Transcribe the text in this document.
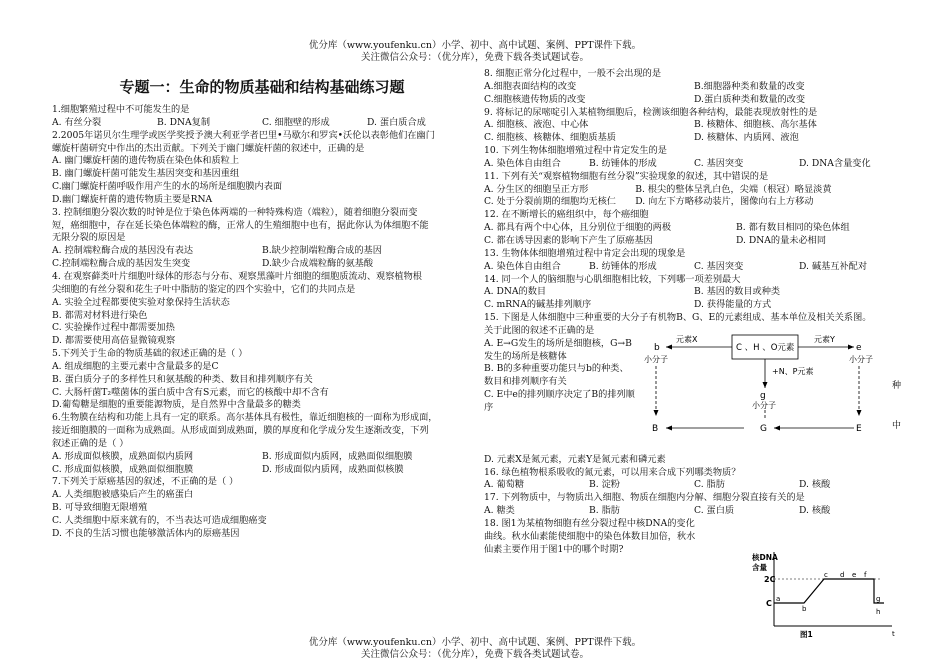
优分库（www.youfenku.cn）小学、初中、高中试题、案例、PPT课件下载。
关注微信公众号：（优分库），免费下载各类试题试卷。
专题一：生命的物质基础和结构基础练习题

1.细胞繁殖过程中不可能发生的是

A. 有丝分裂	B. DNA复制	C. 细胞壁的形成	D. 蛋白质合成

2.2005年诺贝尔生理学或医学奖授予澳大利亚学者巴里•马歇尔和罗宾•沃伦以表彰他们在幽门

螺旋杆菌研究中作出的杰出贡献。下列关于幽门螺旋杆菌的叙述中，正确的是

A. 幽门螺旋杆菌的遗传物质在染色体和质粒上

B. 幽门螺旋杆菌可能发生基因突变和基因重组

C.幽门螺旋杆菌呼吸作用产生的水的场所是细胞膜内表面

D.幽门螺旋杆菌的遗传物质主要是RNA

3. 控制细胞分裂次数的时钟是位于染色体两端的一种特殊构造（端粒），随着细胞分裂而变

短，癌细胞中，存在延长染色体端粒的酶，正常人的生殖细胞中也有，据此你认为体细胞不能

无限分裂的原因是

A. 控制端粒酶合成的基因没有表达	B.缺少控制端粒酶合成的基因

C.控制端粒酶合成的基因发生突变	D.缺少合成端粒酶的氨基酸

4. 在观察藓类叶片细胞叶绿体的形态与分布、观察黑藻叶片细胞的细胞质流动、观察植物根

尖细胞的有丝分裂和花生子叶中脂肪的鉴定的四个实验中，它们的共同点是

A. 实验全过程都要使实验对象保持生活状态

B. 都需对材料进行染色

C. 实验操作过程中都需要加热

D. 都需要使用高倍显微镜观察

5.下列关于生命的物质基础的叙述正确的是（ ）

A. 组成细胞的主要元素中含量最多的是C

B. 蛋白质分子的多样性只和氨基酸的种类、数目和排列顺序有关

C. 大肠杆菌T₂噬菌体的蛋白质中含有S元素，而它的核酸中却不含有

D.葡萄糖是细胞的重要能源物质，是自然界中含量最多的糖类

6.生物膜在结构和功能上具有一定的联系。高尔基体具有极性，靠近细胞核的一面称为形成面，

接近细胞膜的一面称为成熟面。从形成面到成熟面，膜的厚度和化学成分发生逐渐改变，下列

叙述正确的是（ ）

A. 形成面似核膜，成熟面似内质网	B. 形成面似内质网，成熟面似细胞膜

C. 形成面似核膜，成熟面似细胞膜	D. 形成面似内质网，成熟面似核膜

7.下列关于原癌基因的叙述，不正确的是（ ）

A. 人类细胞被感染后产生的癌蛋白

B. 可导致细胞无限增殖

C. 人类细胞中原来就有的，不当表达可造成细胞癌变

D. 不良的生活习惯也能够激活体内的原癌基因

8. 细胞正常分化过程中，一般不会出现的是

A.细胞表面结构的改变	B.细胞器种类和数量的改变

C.细胞核遗传物质的改变	D.蛋白质种类和数量的改变

9. 将标记的尿嘧啶引入某植物细胞后，检测该细胞各种结构，最能表现放射性的是

A. 细胞核、液泡、中心体	B. 核糖体、细胞核、高尔基体

C. 细胞核、核糖体、细胞质基质	D. 核糖体、内质网、液泡

10. 下列生物体细胞增殖过程中肯定发生的是

A. 染色体自由组合	B. 纺锤体的形成	C. 基因突变	D. DNA含量变化

11. 下列有关“观察植物细胞有丝分裂”实验现象的叙述，其中错误的是

A. 分生区的细胞呈正方形	B. 根尖的整体呈乳白色，尖端（根冠）略显淡黄

C. 处于分裂前期的细胞均无核仁	D. 向左下方略移动装片，图像向右上方移动

12. 在不断增长的癌组织中，每个癌细胞

A. 都具有两个中心体，且分别位于细胞的两极	B. 都有数目相同的染色体组

C. 都在诱导因素的影响下产生了原癌基因	D. DNA的量未必相同

13. 生物体体细胞增殖过程中肯定会出现的现象是

A. 染色体自由组合	B. 纺锤体的形成	C. 基因突变	D. 碱基互补配对

14. 同一个人的脑细胞与心肌细胞相比较，下列哪一项差别最大

A. DNA的数目	B. 基因的数目或种类

C. mRNA的碱基排列顺序	D. 获得能量的方式

15. 下图是人体细胞中三种重要的大分子有机物B、G、E的元素组成、基本单位及相关关系图。

关于此图的叙述不正确的是

A. E→G发生的场所是细胞核，G→B发生的场所是核糖体

B. B的多种重要功能只与b的种类、数目和排列顺序有关

C. E中e的排列顺序决定了B的排列顺序

b
小分子
元素X
C 、H 、O元素
元素Y
e
小分子
+N、P元素
g
小分子
种

B	G	E	中

D. 元素X是氮元素，元素Y是氮元素和磷元素

16. 绿色植物根系吸收的氮元素，可以用来合成下列哪类物质？

A. 葡萄糖	B. 淀粉	C. 脂肪	D. 核酸

17. 下列物质中，与物质出入细胞、物质在细胞内分解、细胞分裂直接有关的是

A. 糖类	B. 脂肪	C. 蛋白质	D. 核酸

18. 图1为某植物细胞有丝分裂过程中核DNA的变化

曲线。秋水仙素能使细胞中的染色体数目加倍，秋水

仙素主要作用于图1中的哪个时期?

核DNA
含量
2C
C a
b
c d e f
g
h
图1	t
优分库（www.youfenku.cn）小学、初中、高中试题、案例、PPT课件下载。
关注微信公众号：（优分库），免费下载各类试题试卷。
